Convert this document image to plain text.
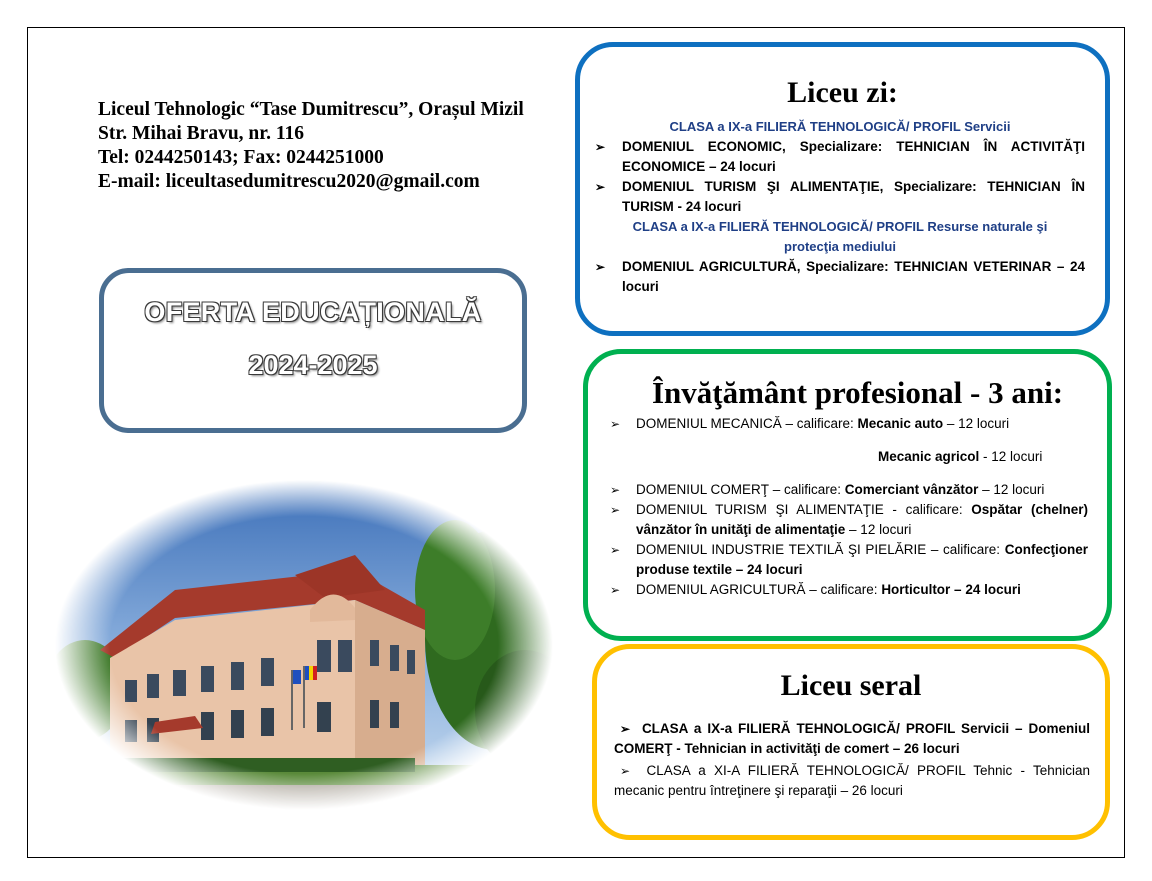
Liceul Tehnologic “Tase Dumitrescu”, Orașul Mizil
Str. Mihai Bravu, nr. 116
Tel: 0244250143; Fax: 0244251000
E-mail: liceultasedumitrescu2020@gmail.com
OFERTA EDUCAȚIONALĂ
2024-2025
Liceu zi:
CLASA a IX-a FILIERĂ TEHNOLOGICĂ/ PROFIL Servicii
➢ DOMENIUL ECONOMIC, Specializare: TEHNICIAN ÎN ACTIVITĂŢI ECONOMICE – 24 locuri
➢ DOMENIUL TURISM ŞI ALIMENTAŢIE, Specializare: TEHNICIAN ÎN TURISM - 24 locuri
CLASA a IX-a FILIERĂ TEHNOLOGICĂ/ PROFIL Resurse naturale şi protecţia mediului
➢ DOMENIUL AGRICULTURĂ, Specializare: TEHNICIAN VETERINAR – 24 locuri
Învăţământ profesional - 3 ani:
➢ DOMENIUL MECANICĂ – calificare: Mecanic auto – 12 locuri
Mecanic agricol - 12 locuri
➢ DOMENIUL COMERŢ – calificare: Comerciant vânzător – 12 locuri
➢ DOMENIUL TURISM ŞI ALIMENTAŢIE - calificare: Ospătar (chelner) vânzător în unităţi de alimentaţie – 12 locuri
➢ DOMENIUL INDUSTRIE TEXTILĂ ŞI PIELĂRIE – calificare: Confecţioner produse textile – 24 locuri
➢ DOMENIUL AGRICULTURĂ – calificare: Horticultor – 24 locuri
Liceu seral
➢ CLASA a IX-a FILIERĂ TEHNOLOGICĂ/ PROFIL Servicii – Domeniul COMERŢ - Tehnician in activităţi de comert – 26 locuri
➢ CLASA a XI-A FILIERĂ TEHNOLOGICĂ/ PROFIL Tehnic - Tehnician mecanic pentru întreţinere şi reparaţii – 26 locuri
